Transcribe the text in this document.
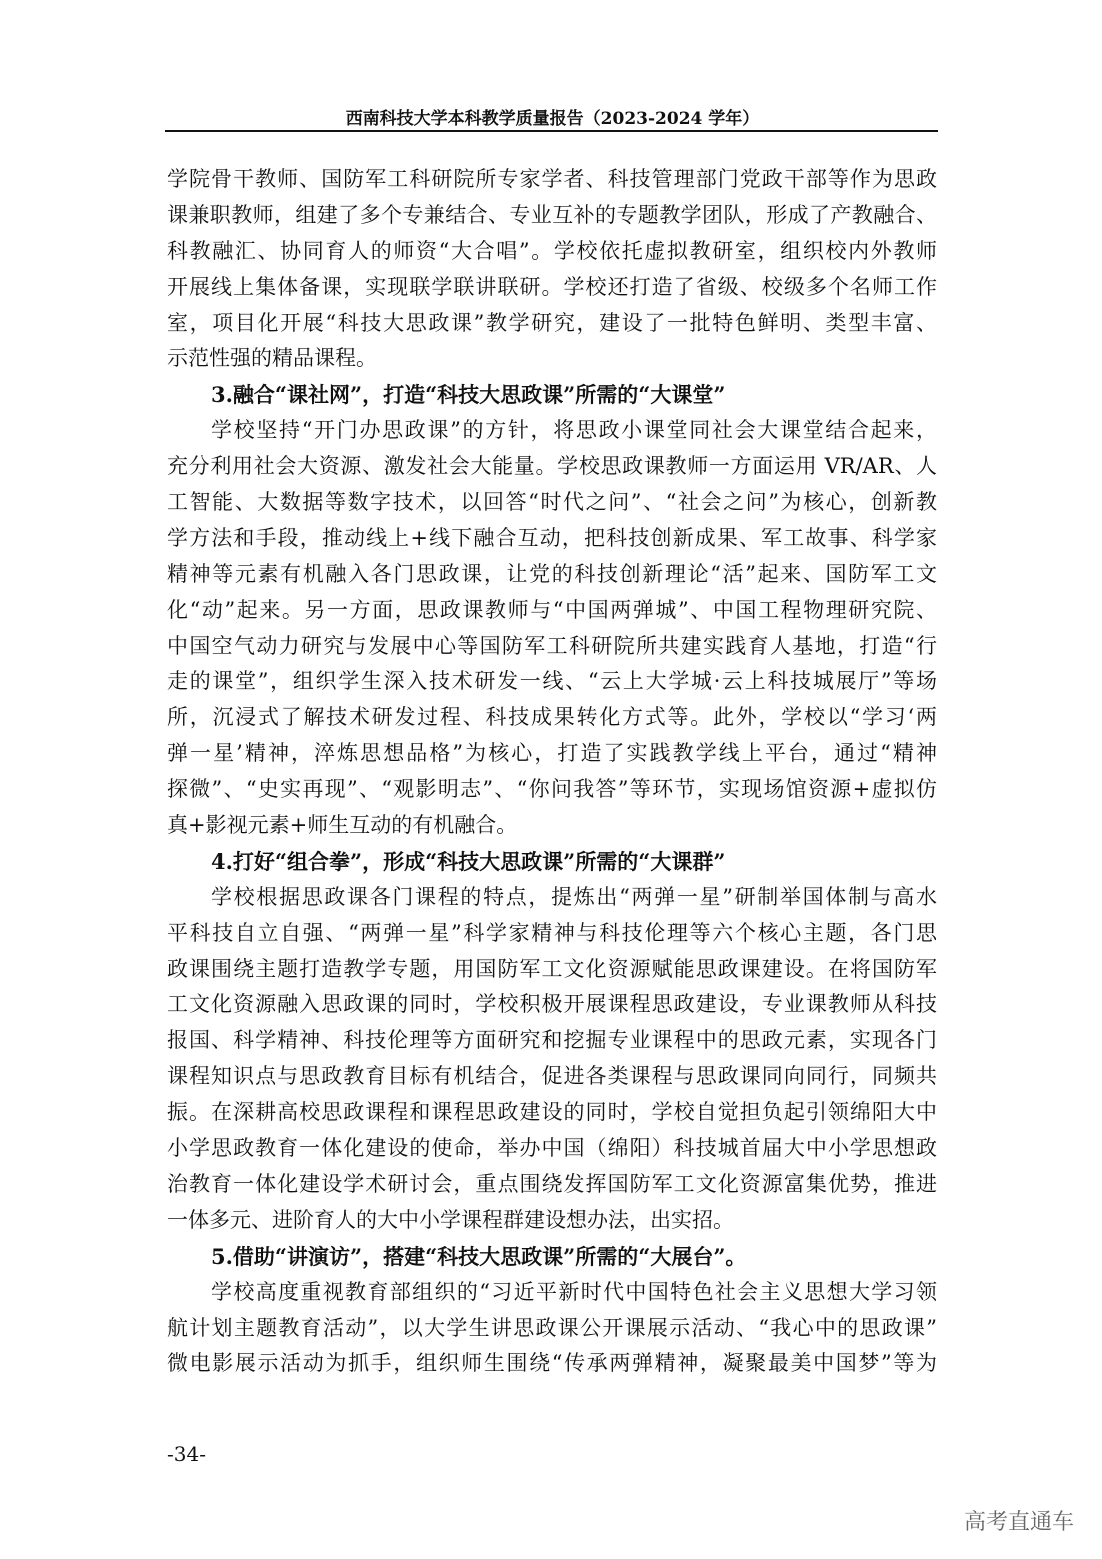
西南科技大学本科教学质量报告（2023-2024 学年）
学院骨干教师、国防军工科研院所专家学者、科技管理部门党政干部等作为思政
课兼职教师，组建了多个专兼结合、专业互补的专题教学团队，形成了产教融合、
科教融汇、协同育人的师资“大合唱”。学校依托虚拟教研室，组织校内外教师
开展线上集体备课，实现联学联讲联研。学校还打造了省级、校级多个名师工作
室，项目化开展“科技大思政课”教学研究，建设了一批特色鲜明、类型丰富、
示范性强的精品课程。
3.融合“课社网”，打造“科技大思政课”所需的“大课堂”
学校坚持“开门办思政课”的方针，将思政小课堂同社会大课堂结合起来，
充分利用社会大资源、激发社会大能量。学校思政课教师一方面运用 VR/AR、人
工智能、大数据等数字技术，以回答“时代之问”、“社会之问”为核心，创新教
学方法和手段，推动线上+线下融合互动，把科技创新成果、军工故事、科学家
精神等元素有机融入各门思政课，让党的科技创新理论“活”起来、国防军工文
化“动”起来。另一方面，思政课教师与“中国两弹城”、中国工程物理研究院、
中国空气动力研究与发展中心等国防军工科研院所共建实践育人基地，打造“行
走的课堂”，组织学生深入技术研发一线、“云上大学城·云上科技城展厅”等场
所，沉浸式了解技术研发过程、科技成果转化方式等。此外，学校以“学习‘两
弹一星’精神，淬炼思想品格”为核心，打造了实践教学线上平台，通过“精神
探微”、“史实再现”、“观影明志”、“你问我答”等环节，实现场馆资源+虚拟仿
真+影视元素+师生互动的有机融合。
4.打好“组合拳”，形成“科技大思政课”所需的“大课群”
学校根据思政课各门课程的特点，提炼出“两弹一星”研制举国体制与高水
平科技自立自强、“两弹一星”科学家精神与科技伦理等六个核心主题，各门思
政课围绕主题打造教学专题，用国防军工文化资源赋能思政课建设。在将国防军
工文化资源融入思政课的同时，学校积极开展课程思政建设，专业课教师从科技
报国、科学精神、科技伦理等方面研究和挖掘专业课程中的思政元素，实现各门
课程知识点与思政教育目标有机结合，促进各类课程与思政课同向同行，同频共
振。在深耕高校思政课程和课程思政建设的同时，学校自觉担负起引领绵阳大中
小学思政教育一体化建设的使命，举办中国（绵阳）科技城首届大中小学思想政
治教育一体化建设学术研讨会，重点围绕发挥国防军工文化资源富集优势，推进
一体多元、进阶育人的大中小学课程群建设想办法，出实招。
5.借助“讲演访”，搭建“科技大思政课”所需的“大展台”。
学校高度重视教育部组织的“习近平新时代中国特色社会主义思想大学习领
航计划主题教育活动”，以大学生讲思政课公开课展示活动、“我心中的思政课”
微电影展示活动为抓手，组织师生围绕“传承两弹精神，凝聚最美中国梦”等为
-34-
高考直通车
